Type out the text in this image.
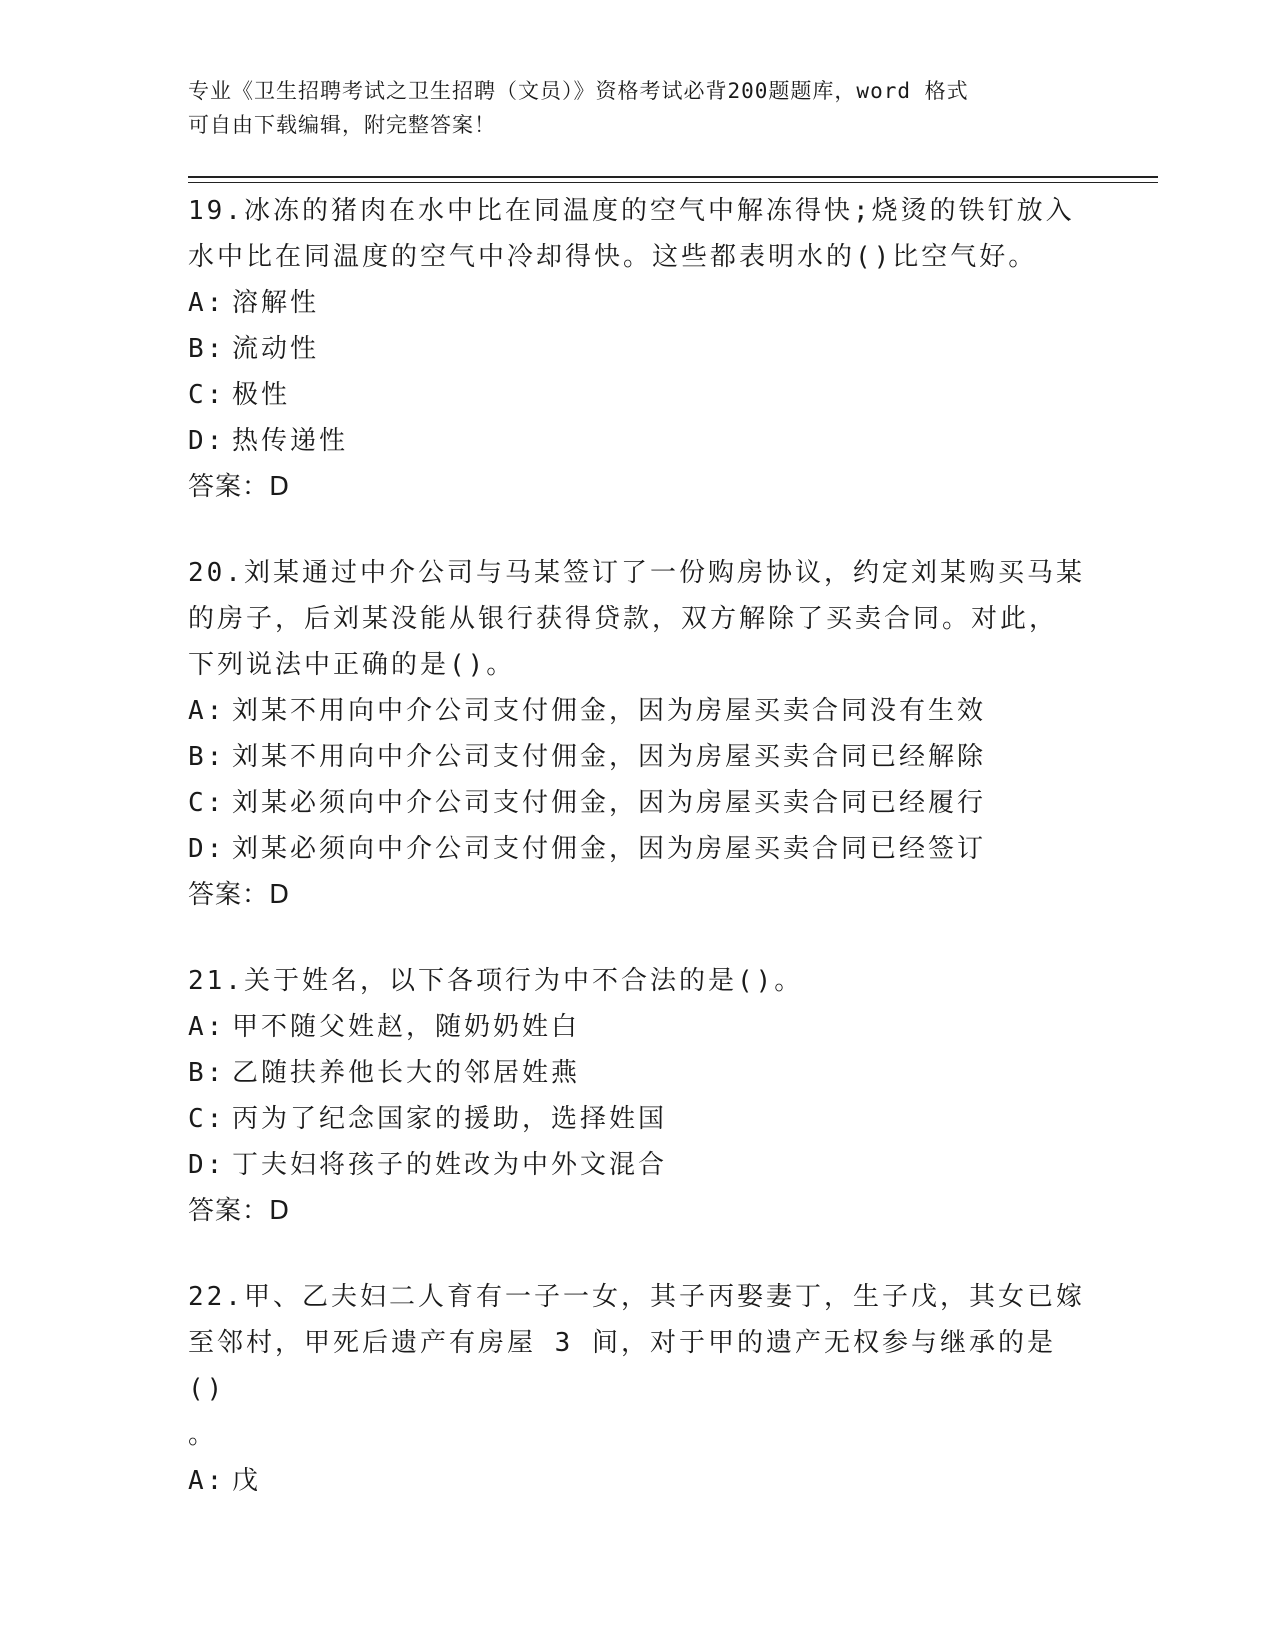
专业《卫生招聘考试之卫生招聘（文员）》资格考试必背200题题库，word 格式
可自由下载编辑，附完整答案！

19.冰冻的猪肉在水中比在同温度的空气中解冻得快;烧烫的铁钉放入
水中比在同温度的空气中冷却得快。这些都表明水的()比空气好。

A: 溶解性
B: 流动性
C: 极性
D: 热传递性
答案：D

20.刘某通过中介公司与马某签订了一份购房协议，约定刘某购买马某
的房子，后刘某没能从银行获得贷款，双方解除了买卖合同。对此，
下列说法中正确的是()。

A: 刘某不用向中介公司支付佣金，因为房屋买卖合同没有生效
B: 刘某不用向中介公司支付佣金，因为房屋买卖合同已经解除
C: 刘某必须向中介公司支付佣金，因为房屋买卖合同已经履行
D: 刘某必须向中介公司支付佣金，因为房屋买卖合同已经签订
答案：D

21.关于姓名，以下各项行为中不合法的是()。

A: 甲不随父姓赵，随奶奶姓白
B: 乙随扶养他长大的邻居姓燕
C: 丙为了纪念国家的援助，选择姓国
D: 丁夫妇将孩子的姓改为中外文混合
答案：D

22.甲、乙夫妇二人育有一子一女，其子丙娶妻丁，生子戊，其女已嫁
至邻村，甲死后遗产有房屋 3 间，对于甲的遗产无权参与继承的是()
。

A: 戊
